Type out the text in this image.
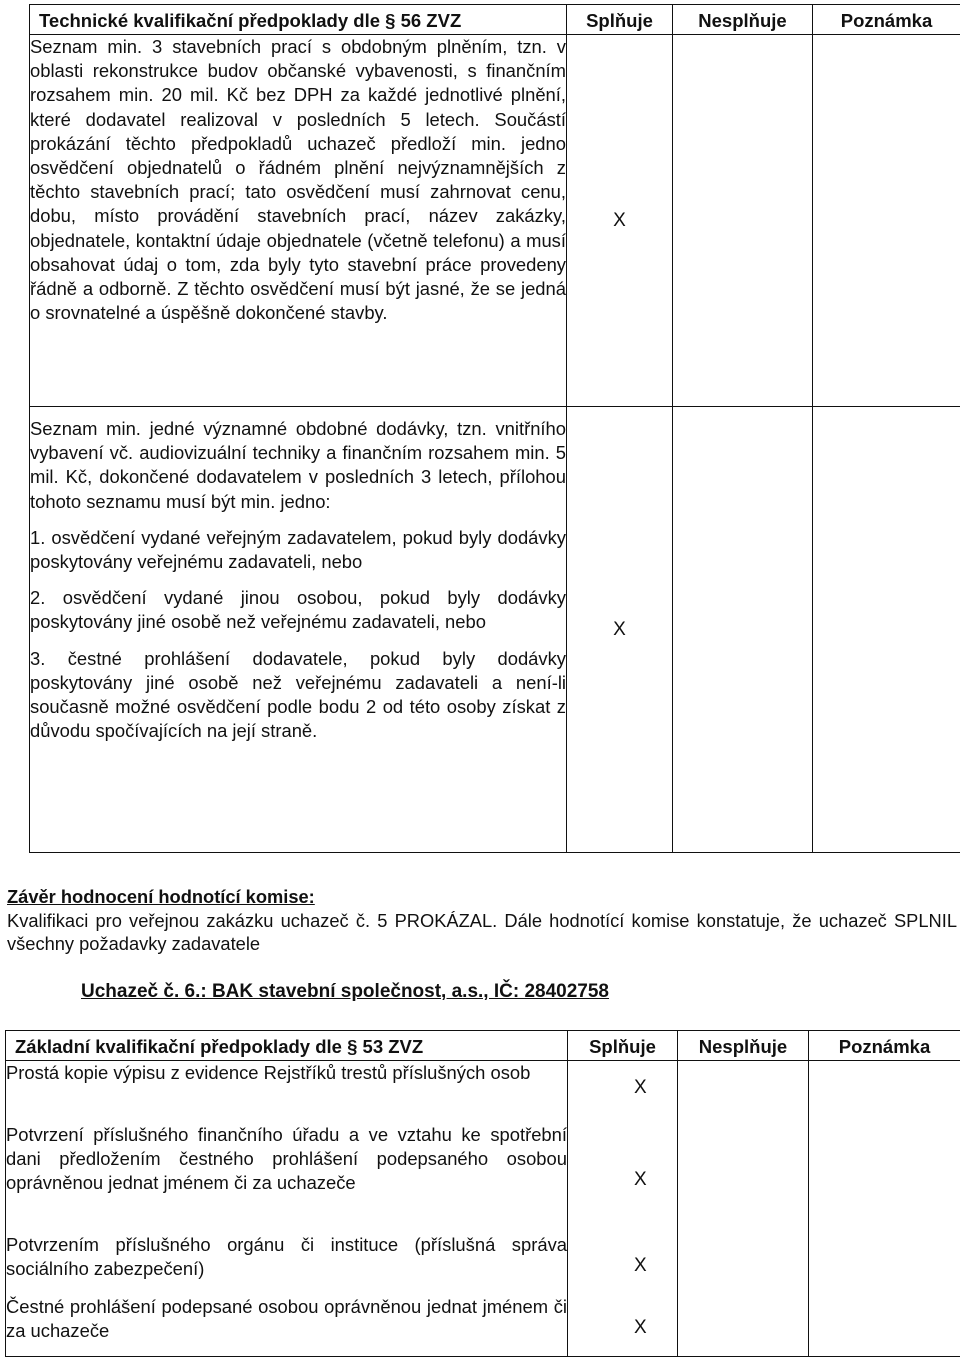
Technické kvalifikační předpoklady dle § 56 ZVZ	Splňuje	Nesplňuje	Poznámka

Seznam min. 3 stavebních prací s obdobným plněním, tzn. v oblasti rekonstrukce budov občanské vybavenosti, s finančním rozsahem min. 20 mil. Kč bez DPH za každé jednotlivé plnění, které dodavatel realizoval v posledních 5 letech. Součástí prokázání těchto předpokladů uchazeč předloží min. jedno osvědčení objednatelů o řádném plnění nejvýznamnějších z těchto stavebních prací; tato osvědčení musí zahrnovat cenu, dobu, místo provádění stavebních prací, název zakázky, objednatele, kontaktní údaje objednatele (včetně telefonu) a musí obsahovat údaj o tom, zda byly tyto stavební práce provedeny řádně a odborně. Z těchto osvědčení musí být jasné, že se jedná o srovnatelné a úspěšně dokončené stavby.	X		

Seznam min. jedné významné obdobné dodávky, tzn. vnitřního vybavení vč. audiovizuální techniky a finančním rozsahem min. 5 mil. Kč, dokončené dodavatelem v posledních 3 letech, přílohou tohoto seznamu musí být min. jedno:

1. osvědčení vydané veřejným zadavatelem, pokud byly dodávky poskytovány veřejnému zadavateli, nebo

2. osvědčení vydané jinou osobou, pokud byly dodávky poskytovány jiné osobě než veřejnému zadavateli, nebo

3. čestné prohlášení dodavatele, pokud byly dodávky poskytovány jiné osobě než veřejnému zadavateli a není-li současně možné osvědčení podle bodu 2 od této osoby získat z důvodu spočívajících na její straně.	X		
Závěr hodnocení hodnotící komise:
Kvalifikaci pro veřejnou zakázku uchazeč č. 5 PROKÁZAL. Dále hodnotící komise konstatuje, že uchazeč SPLNIL všechny požadavky zadavatele
Uchazeč č. 6.: BAK stavební společnost, a.s., IČ: 28402758
Základní kvalifikační předpoklady dle § 53 ZVZ	Splňuje	Nesplňuje	Poznámka

Prostá kopie výpisu z evidence Rejstříků trestů příslušných osob	X		

Potvrzení příslušného finančního úřadu a ve vztahu ke spotřební dani předložením čestného prohlášení podepsaného osobou oprávněnou jednat jménem či za uchazeče	X		

Potvrzením příslušného orgánu či instituce (příslušná správa sociálního zabezpečení)	X		

Čestné prohlášení podepsané osobou oprávněnou jednat jménem či za uchazeče	X		
